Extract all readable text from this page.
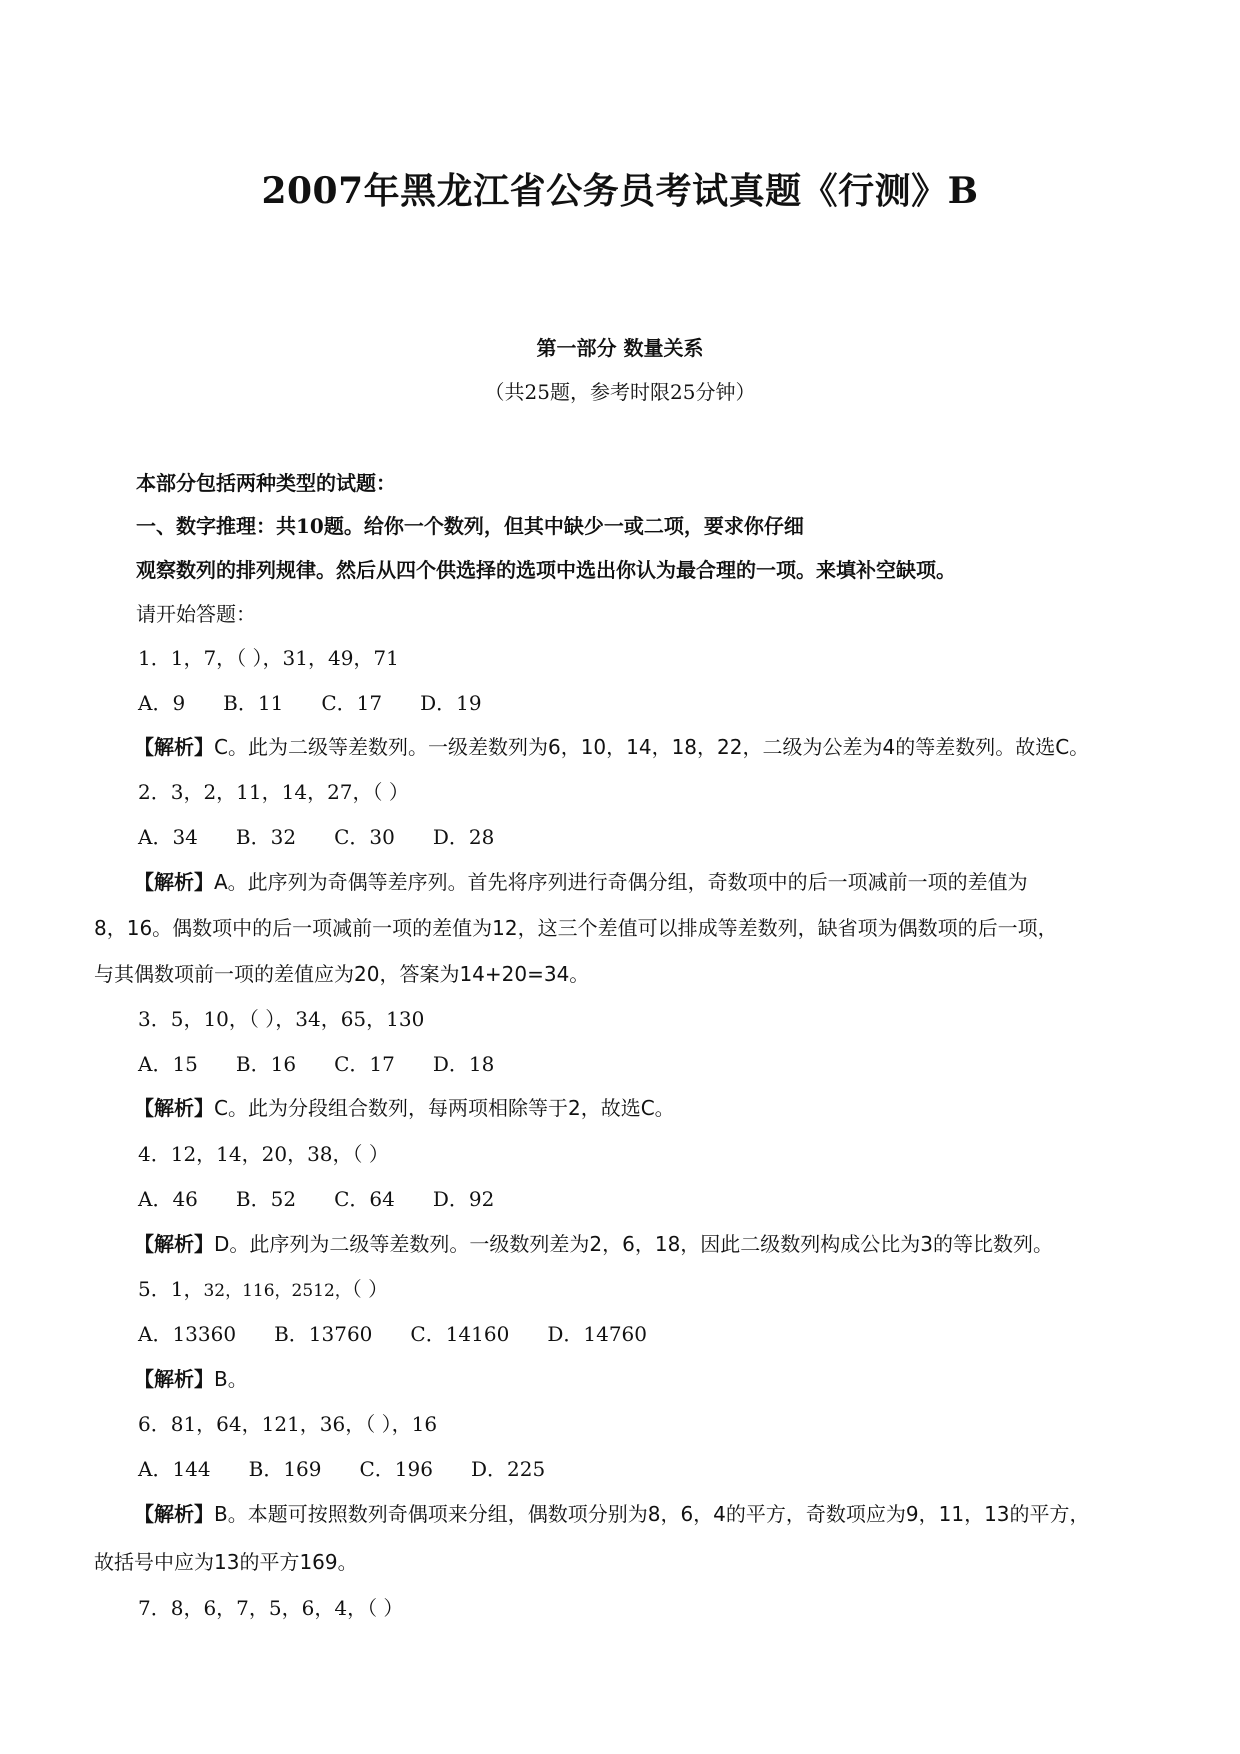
2007年黑龙江省公务员考试真题《行测》B
第一部分 数量关系
（共25题，参考时限25分钟）
本部分包括两种类型的试题：
一、数字推理：共10题。给你一个数列，但其中缺少一或二项，要求你仔细
观察数列的排列规律。然后从四个供选择的选项中选出你认为最合理的一项。来填补空缺项。
请开始答题：
1．1，7，（ ），31，49，71
A．9 B．11 C．17 D．19
【解析】C。此为二级等差数列。一级差数列为6，10，14，18，22，二级为公差为4的等差数列。故选C。
2．3，2，11，14，27，（ ）
A．34 B．32 C．30 D．28
【解析】A。此序列为奇偶等差序列。首先将序列进行奇偶分组，奇数项中的后一项减前一项的差值为
8，16。偶数项中的后一项减前一项的差值为12，这三个差值可以排成等差数列，缺省项为偶数项的后一项，
与其偶数项前一项的差值应为20，答案为14+20=34。
3．5，10，（ ），34，65，130
A．15 B．16 C．17 D．18
【解析】C。此为分段组合数列，每两项相除等于2，故选C。
4．12，14，20，38，（ ）
A．46 B．52 C．64 D．92
【解析】D。此序列为二级等差数列。一级数列差为2，6，18，因此二级数列构成公比为3的等比数列。
5．1，32，116，2512，（ ）
A．13360 B．13760 C．14160 D．14760
【解析】B。
6．81，64，121，36，（ ），16
A．144 B．169 C．196 D．225
【解析】B。本题可按照数列奇偶项来分组，偶数项分别为8，6，4的平方，奇数项应为9，11，13的平方，
故括号中应为13的平方169。
7．8，6，7，5，6，4，（ ）
